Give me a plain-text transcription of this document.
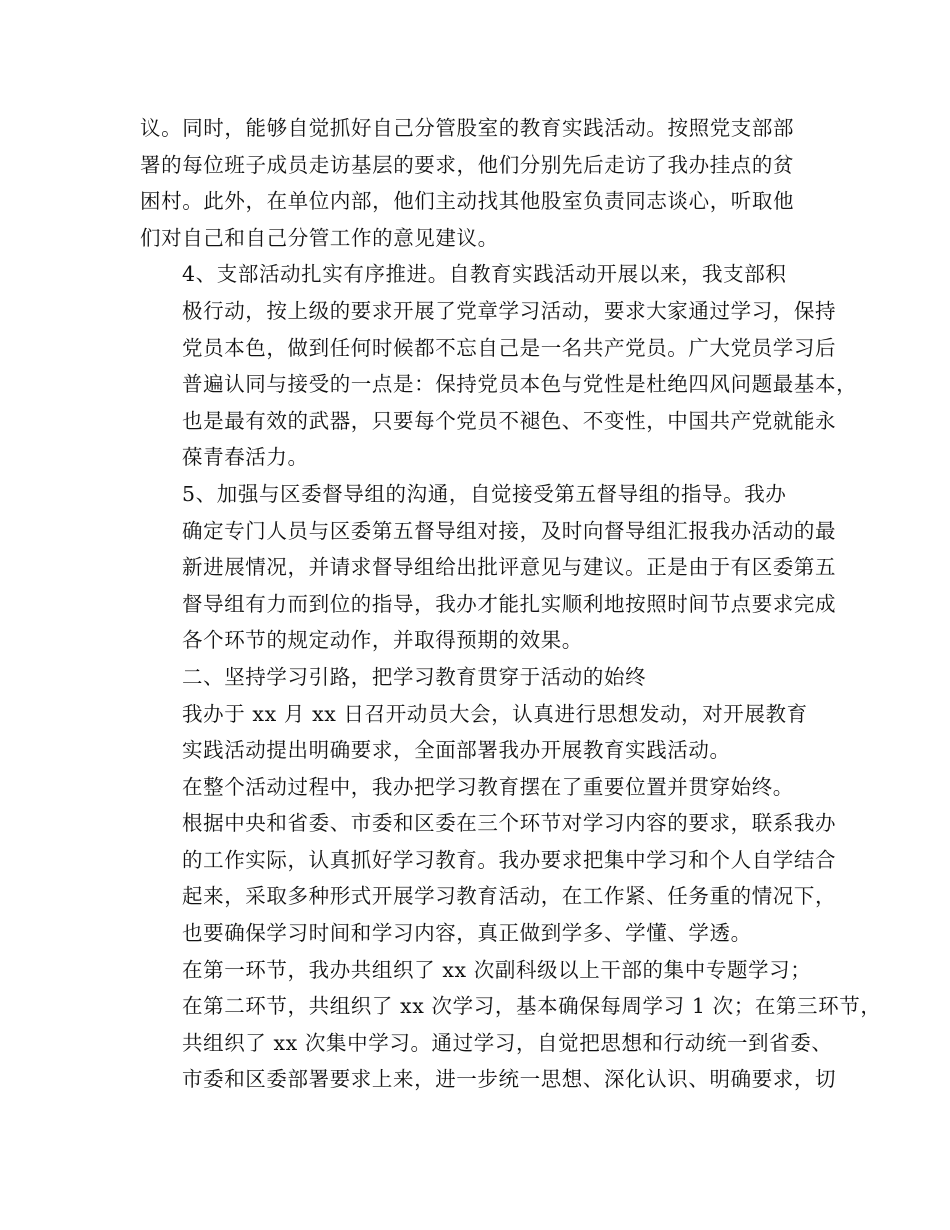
议。同时，能够自觉抓好自己分管股室的教育实践活动。按照党支部部
署的每位班子成员走访基层的要求，他们分别先后走访了我办挂点的贫
困村。此外，在单位内部，他们主动找其他股室负责同志谈心，听取他
们对自己和自己分管工作的意见建议。

4、支部活动扎实有序推进。自教育实践活动开展以来，我支部积
极行动，按上级的要求开展了党章学习活动，要求大家通过学习，保持
党员本色，做到任何时候都不忘自己是一名共产党员。广大党员学习后
普遍认同与接受的一点是：保持党员本色与党性是杜绝四风问题最基本，
也是最有效的武器，只要每个党员不褪色、不变性，中国共产党就能永
葆青春活力。

5、加强与区委督导组的沟通，自觉接受第五督导组的指导。我办
确定专门人员与区委第五督导组对接，及时向督导组汇报我办活动的最
新进展情况，并请求督导组给出批评意见与建议。正是由于有区委第五
督导组有力而到位的指导，我办才能扎实顺利地按照时间节点要求完成
各个环节的规定动作，并取得预期的效果。

二、坚持学习引路，把学习教育贯穿于活动的始终

我办于 xx 月 xx 日召开动员大会，认真进行思想发动，对开展教育
实践活动提出明确要求，全面部署我办开展教育实践活动。

在整个活动过程中，我办把学习教育摆在了重要位置并贯穿始终。
根据中央和省委、市委和区委在三个环节对学习内容的要求，联系我办
的工作实际，认真抓好学习教育。我办要求把集中学习和个人自学结合
起来，采取多种形式开展学习教育活动，在工作紧、任务重的情况下，
也要确保学习时间和学习内容，真正做到学多、学懂、学透。

在第一环节，我办共组织了 xx 次副科级以上干部的集中专题学习；
在第二环节，共组织了 xx 次学习，基本确保每周学习 1 次；在第三环节，
共组织了 xx 次集中学习。通过学习，自觉把思想和行动统一到省委、
市委和区委部署要求上来，进一步统一思想、深化认识、明确要求，切
